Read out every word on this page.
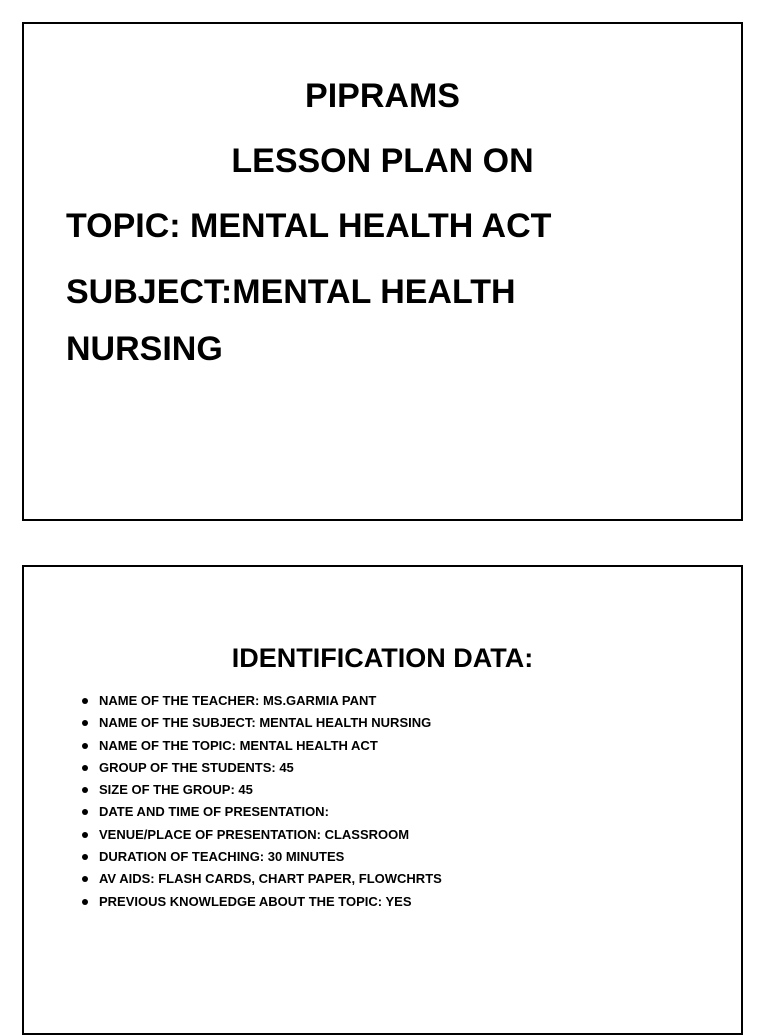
PIPRAMS
LESSON PLAN ON
TOPIC: MENTAL HEALTH ACT
SUBJECT:MENTAL HEALTH
NURSING
IDENTIFICATION DATA:
NAME OF THE TEACHER: MS.GARMIA PANT
NAME OF THE SUBJECT: MENTAL HEALTH NURSING
NAME OF THE TOPIC: MENTAL HEALTH ACT
GROUP OF THE STUDENTS: 45
SIZE OF THE GROUP: 45
DATE AND TIME OF PRESENTATION:
VENUE/PLACE OF PRESENTATION: CLASSROOM
DURATION OF TEACHING: 30 MINUTES
AV AIDS: FLASH CARDS, CHART PAPER, FLOWCHRTS
PREVIOUS KNOWLEDGE ABOUT THE TOPIC: YES
